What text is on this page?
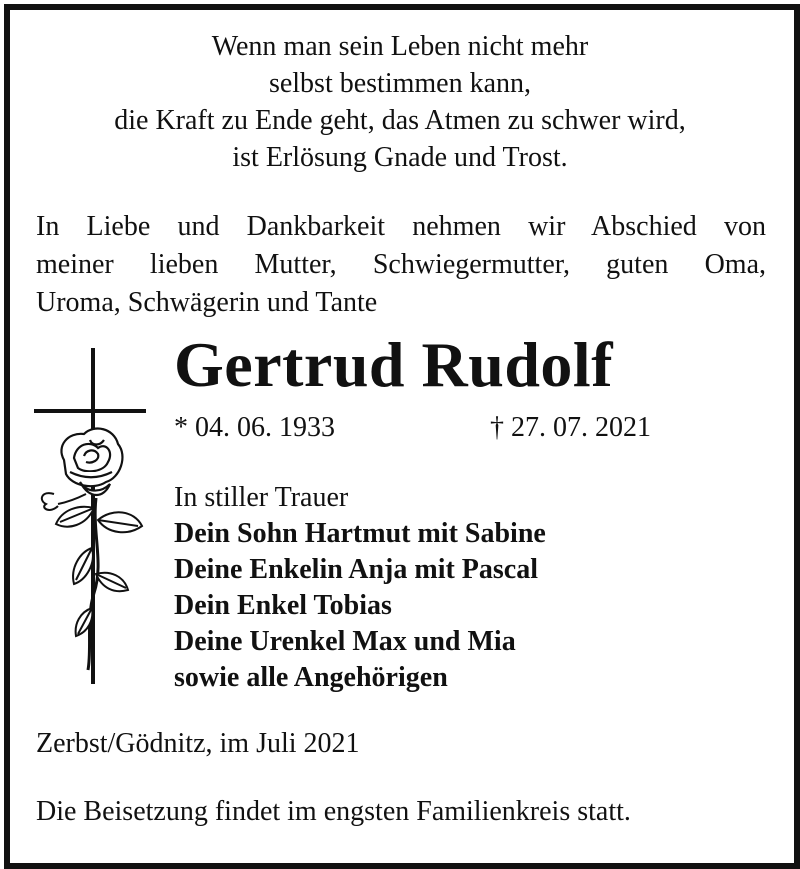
Wenn man sein Leben nicht mehr
selbst bestimmen kann,
die Kraft zu Ende geht, das Atmen zu schwer wird,
ist Erlösung Gnade und Trost.
In Liebe und Dankbarkeit nehmen wir Abschied von
meiner lieben Mutter, Schwiegermutter, guten Oma,
Uroma, Schwägerin und Tante
Gertrud Rudolf
* 04. 06. 1933	† 27. 07. 2021
In stiller Trauer
Dein Sohn Hartmut mit Sabine
Deine Enkelin Anja mit Pascal
Dein Enkel Tobias
Deine Urenkel Max und Mia
sowie alle Angehörigen
Zerbst/Gödnitz, im Juli 2021
Die Beisetzung findet im engsten Familienkreis statt.
